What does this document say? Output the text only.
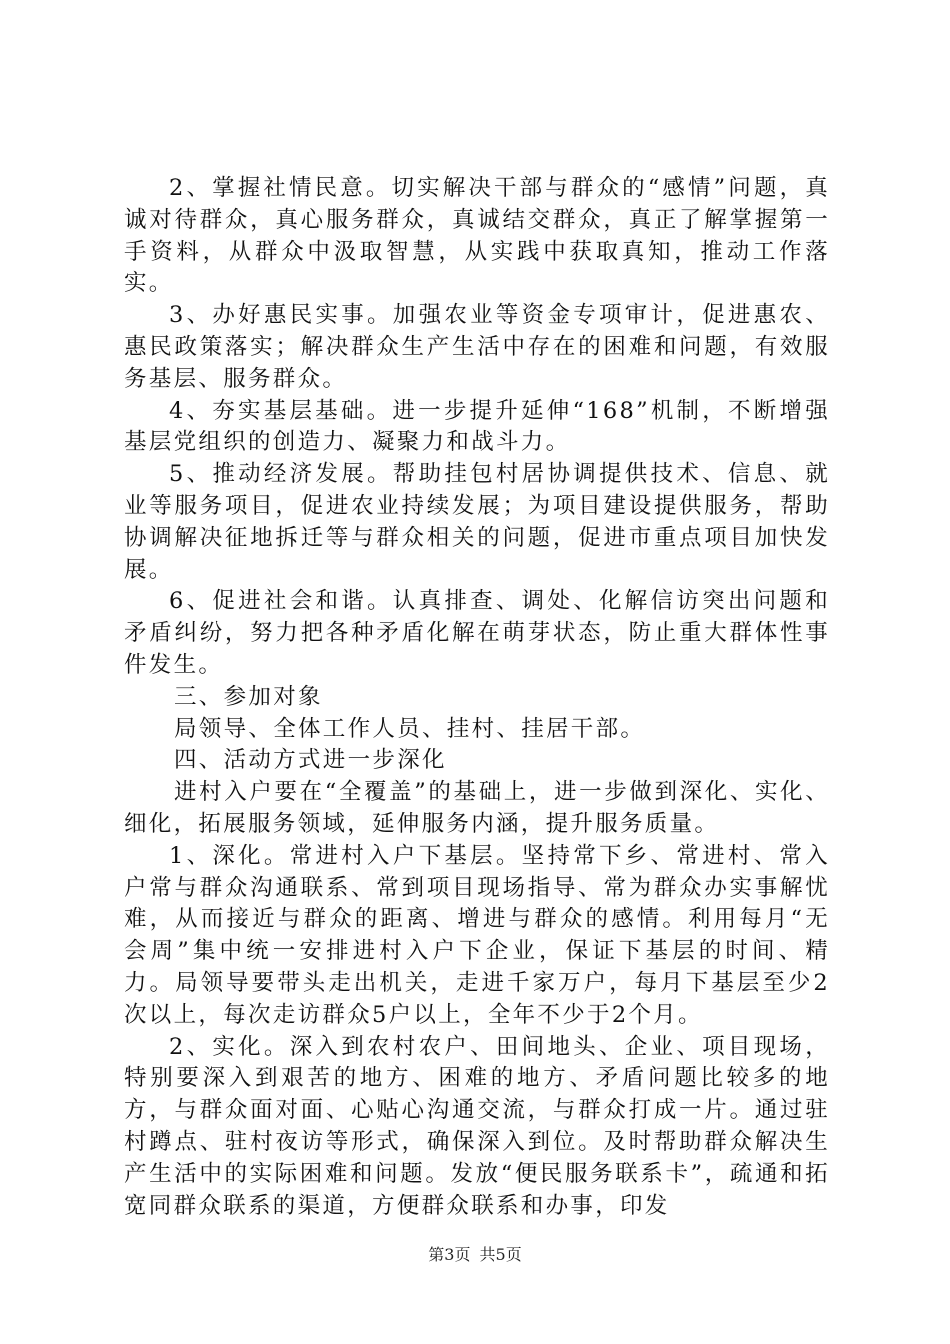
2、掌握社情民意。切实解决干部与群众的“感情”问题，真诚对待群众，真心服务群众，真诚结交群众，真正了解掌握第一手资料，从群众中汲取智慧，从实践中获取真知，推动工作落实。

3、办好惠民实事。加强农业等资金专项审计，促进惠农、惠民政策落实；解决群众生产生活中存在的困难和问题，有效服务基层、服务群众。

4、夯实基层基础。进一步提升延伸“168”机制，不断增强基层党组织的创造力、凝聚力和战斗力。

5、推动经济发展。帮助挂包村居协调提供技术、信息、就业等服务项目，促进农业持续发展；为项目建设提供服务，帮助协调解决征地拆迁等与群众相关的问题，促进市重点项目加快发展。

6、促进社会和谐。认真排查、调处、化解信访突出问题和矛盾纠纷，努力把各种矛盾化解在萌芽状态，防止重大群体性事件发生。

三、参加对象

局领导、全体工作人员、挂村、挂居干部。

四、活动方式进一步深化

进村入户要在“全覆盖”的基础上，进一步做到深化、实化、细化，拓展服务领域，延伸服务内涵，提升服务质量。

1、深化。常进村入户下基层。坚持常下乡、常进村、常入户常与群众沟通联系、常到项目现场指导、常为群众办实事解忧难，从而接近与群众的距离、增进与群众的感情。利用每月“无会周”集中统一安排进村入户下企业，保证下基层的时间、精力。局领导要带头走出机关，走进千家万户，每月下基层至少2次以上，每次走访群众5户以上，全年不少于2个月。

2、实化。深入到农村农户、田间地头、企业、项目现场，特别要深入到艰苦的地方、困难的地方、矛盾问题比较多的地方，与群众面对面、心贴心沟通交流，与群众打成一片。通过驻村蹲点、驻村夜访等形式，确保深入到位。及时帮助群众解决生产生活中的实际困难和问题。发放“便民服务联系卡”，疏通和拓宽同群众联系的渠道，方便群众联系和办事，印发

第3页 共5页
